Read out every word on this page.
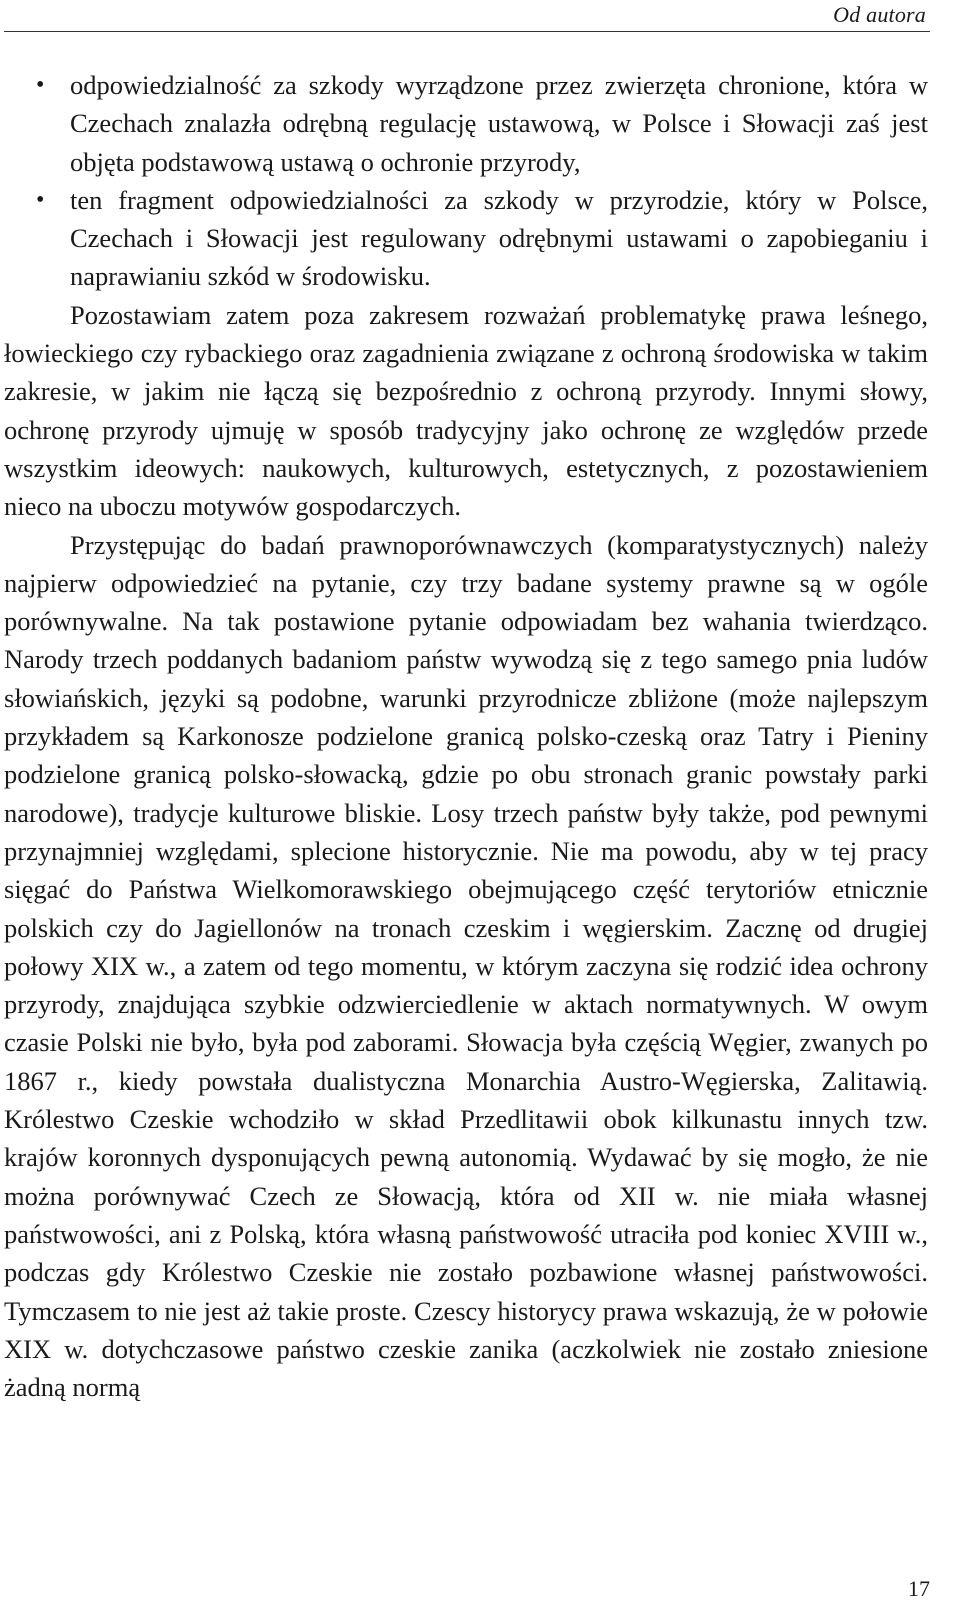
Od autora
• odpowiedzialność za szkody wyrządzone przez zwierzęta chronione, która w Czechach znalazła odrębną regulację ustawową, w Polsce i Słowacji zaś jest objęta podstawową ustawą o ochronie przyrody,
• ten fragment odpowiedzialności za szkody w przyrodzie, który w Polsce, Czechach i Słowacji jest regulowany odrębnymi ustawami o zapobieganiu i naprawianiu szkód w środowisku.

Pozostawiam zatem poza zakresem rozważań problematykę prawa leśnego, łowieckiego czy rybackiego oraz zagadnienia związane z ochroną środowiska w takim zakresie, w jakim nie łączą się bezpośrednio z ochroną przyrody. Innymi słowy, ochronę przyrody ujmuję w sposób tradycyjny jako ochronę ze względów przede wszystkim ideowych: naukowych, kulturowych, estetycznych, z pozostawieniem nieco na uboczu motywów gospodarczych.

Przystępując do badań prawnoporównawczych (komparatystycznych) należy najpierw odpowiedzieć na pytanie, czy trzy badane systemy prawne są w ogóle porównywalne. Na tak postawione pytanie odpowiadam bez wahania twierdząco. Narody trzech poddanych badaniom państw wywodzą się z tego samego pnia ludów słowiańskich, języki są podobne, warunki przyrodnicze zbliżone (może najlepszym przykładem są Karkonosze podzielone granicą polsko-czeską oraz Tatry i Pieniny podzielone granicą polsko-słowacką, gdzie po obu stronach granic powstały parki narodowe), tradycje kulturowe bliskie. Losy trzech państw były także, pod pewnymi przynajmniej względami, splecione historycznie. Nie ma powodu, aby w tej pracy sięgać do Państwa Wielkomorawskiego obejmującego część terytoriów etnicznie polskich czy do Jagiellonów na tronach czeskim i węgierskim. Zacznę od drugiej połowy XIX w., a zatem od tego momentu, w którym zaczyna się rodzić idea ochrony przyrody, znajdująca szybkie odzwierciedlenie w aktach normatywnych. W owym czasie Polski nie było, była pod zaborami. Słowacja była częścią Węgier, zwanych po 1867 r., kiedy powstała dualistyczna Monarchia Austro-Węgierska, Zalitawią. Królestwo Czeskie wchodziło w skład Przedlitawii obok kilkunastu innych tzw. krajów koronnych dysponujących pewną autonomią. Wydawać by się mogło, że nie można porównywać Czech ze Słowacją, która od XII w. nie miała własnej państwowości, ani z Polską, która własną państwowość utraciła pod koniec XVIII w., podczas gdy Królestwo Czeskie nie zostało pozbawione własnej państwowości. Tymczasem to nie jest aż takie proste. Czescy historycy prawa wskazują, że w połowie XIX w. dotychczasowe państwo czeskie zanika (aczkolwiek nie zostało zniesione żadną normą

17
